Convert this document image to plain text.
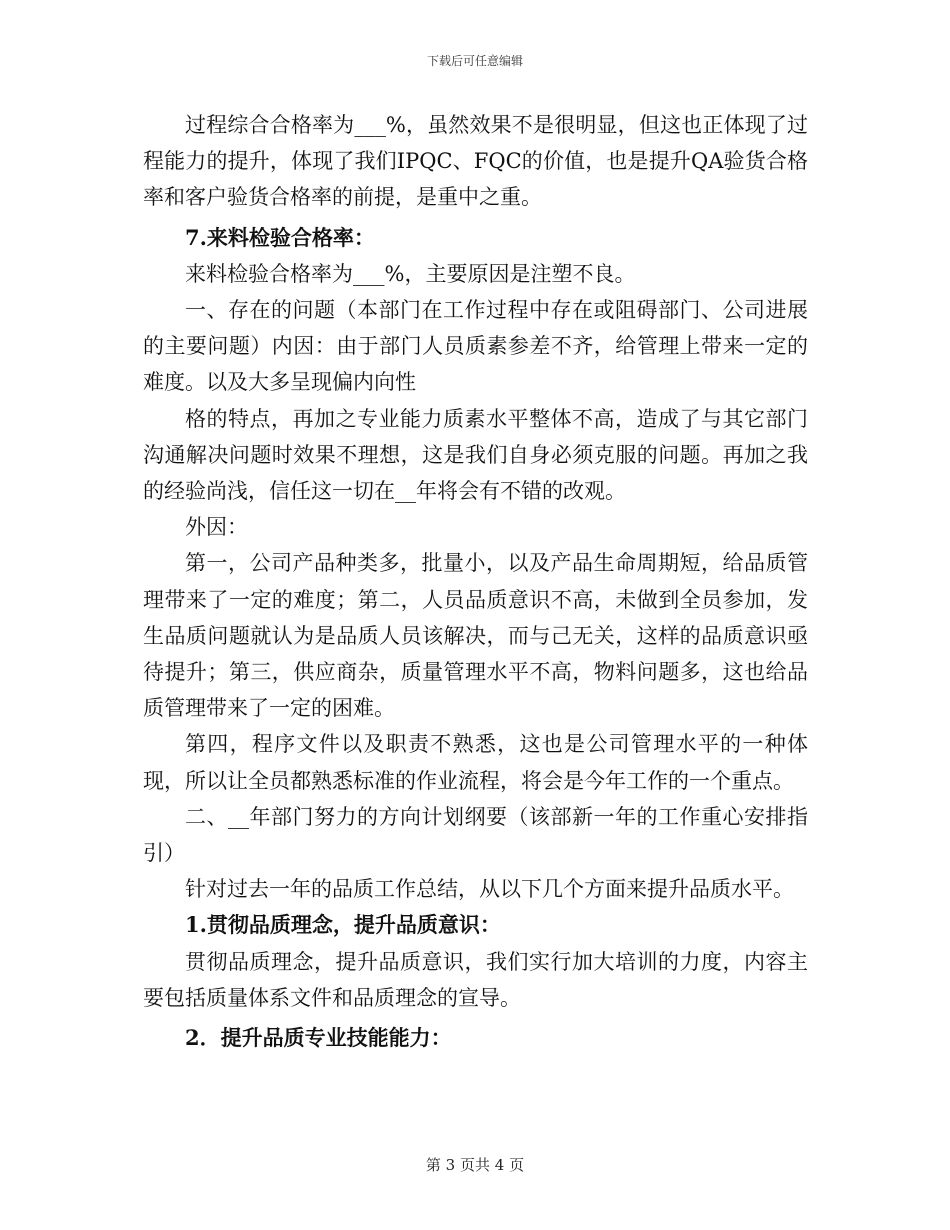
下载后可任意编辑

过程综合合格率为___%，虽然效果不是很明显，但这也正体现了过程能力的提升，体现了我们IPQC、FQC的价值，也是提升QA验货合格率和客户验货合格率的前提，是重中之重。

7.来料检验合格率：

来料检验合格率为___%，主要原因是注塑不良。

一、存在的问题（本部门在工作过程中存在或阻碍部门、公司进展的主要问题）内因：由于部门人员质素参差不齐，给管理上带来一定的难度。以及大多呈现偏内向性

格的特点，再加之专业能力质素水平整体不高，造成了与其它部门沟通解决问题时效果不理想，这是我们自身必须克服的问题。再加之我的经验尚浅，信任这一切在__年将会有不错的改观。

外因：

第一，公司产品种类多，批量小，以及产品生命周期短，给品质管理带来了一定的难度；第二，人员品质意识不高，未做到全员参加，发生品质问题就认为是品质人员该解决，而与己无关，这样的品质意识亟待提升；第三，供应商杂，质量管理水平不高，物料问题多，这也给品质管理带来了一定的困难。

第四，程序文件以及职责不熟悉，这也是公司管理水平的一种体现，所以让全员都熟悉标准的作业流程，将会是今年工作的一个重点。

二、__年部门努力的方向计划纲要（该部新一年的工作重心安排指引）

针对过去一年的品质工作总结，从以下几个方面来提升品质水平。

1.贯彻品质理念，提升品质意识：

贯彻品质理念，提升品质意识，我们实行加大培训的力度，内容主要包括质量体系文件和品质理念的宣导。

2．提升品质专业技能能力：

第 3 页共 4 页
